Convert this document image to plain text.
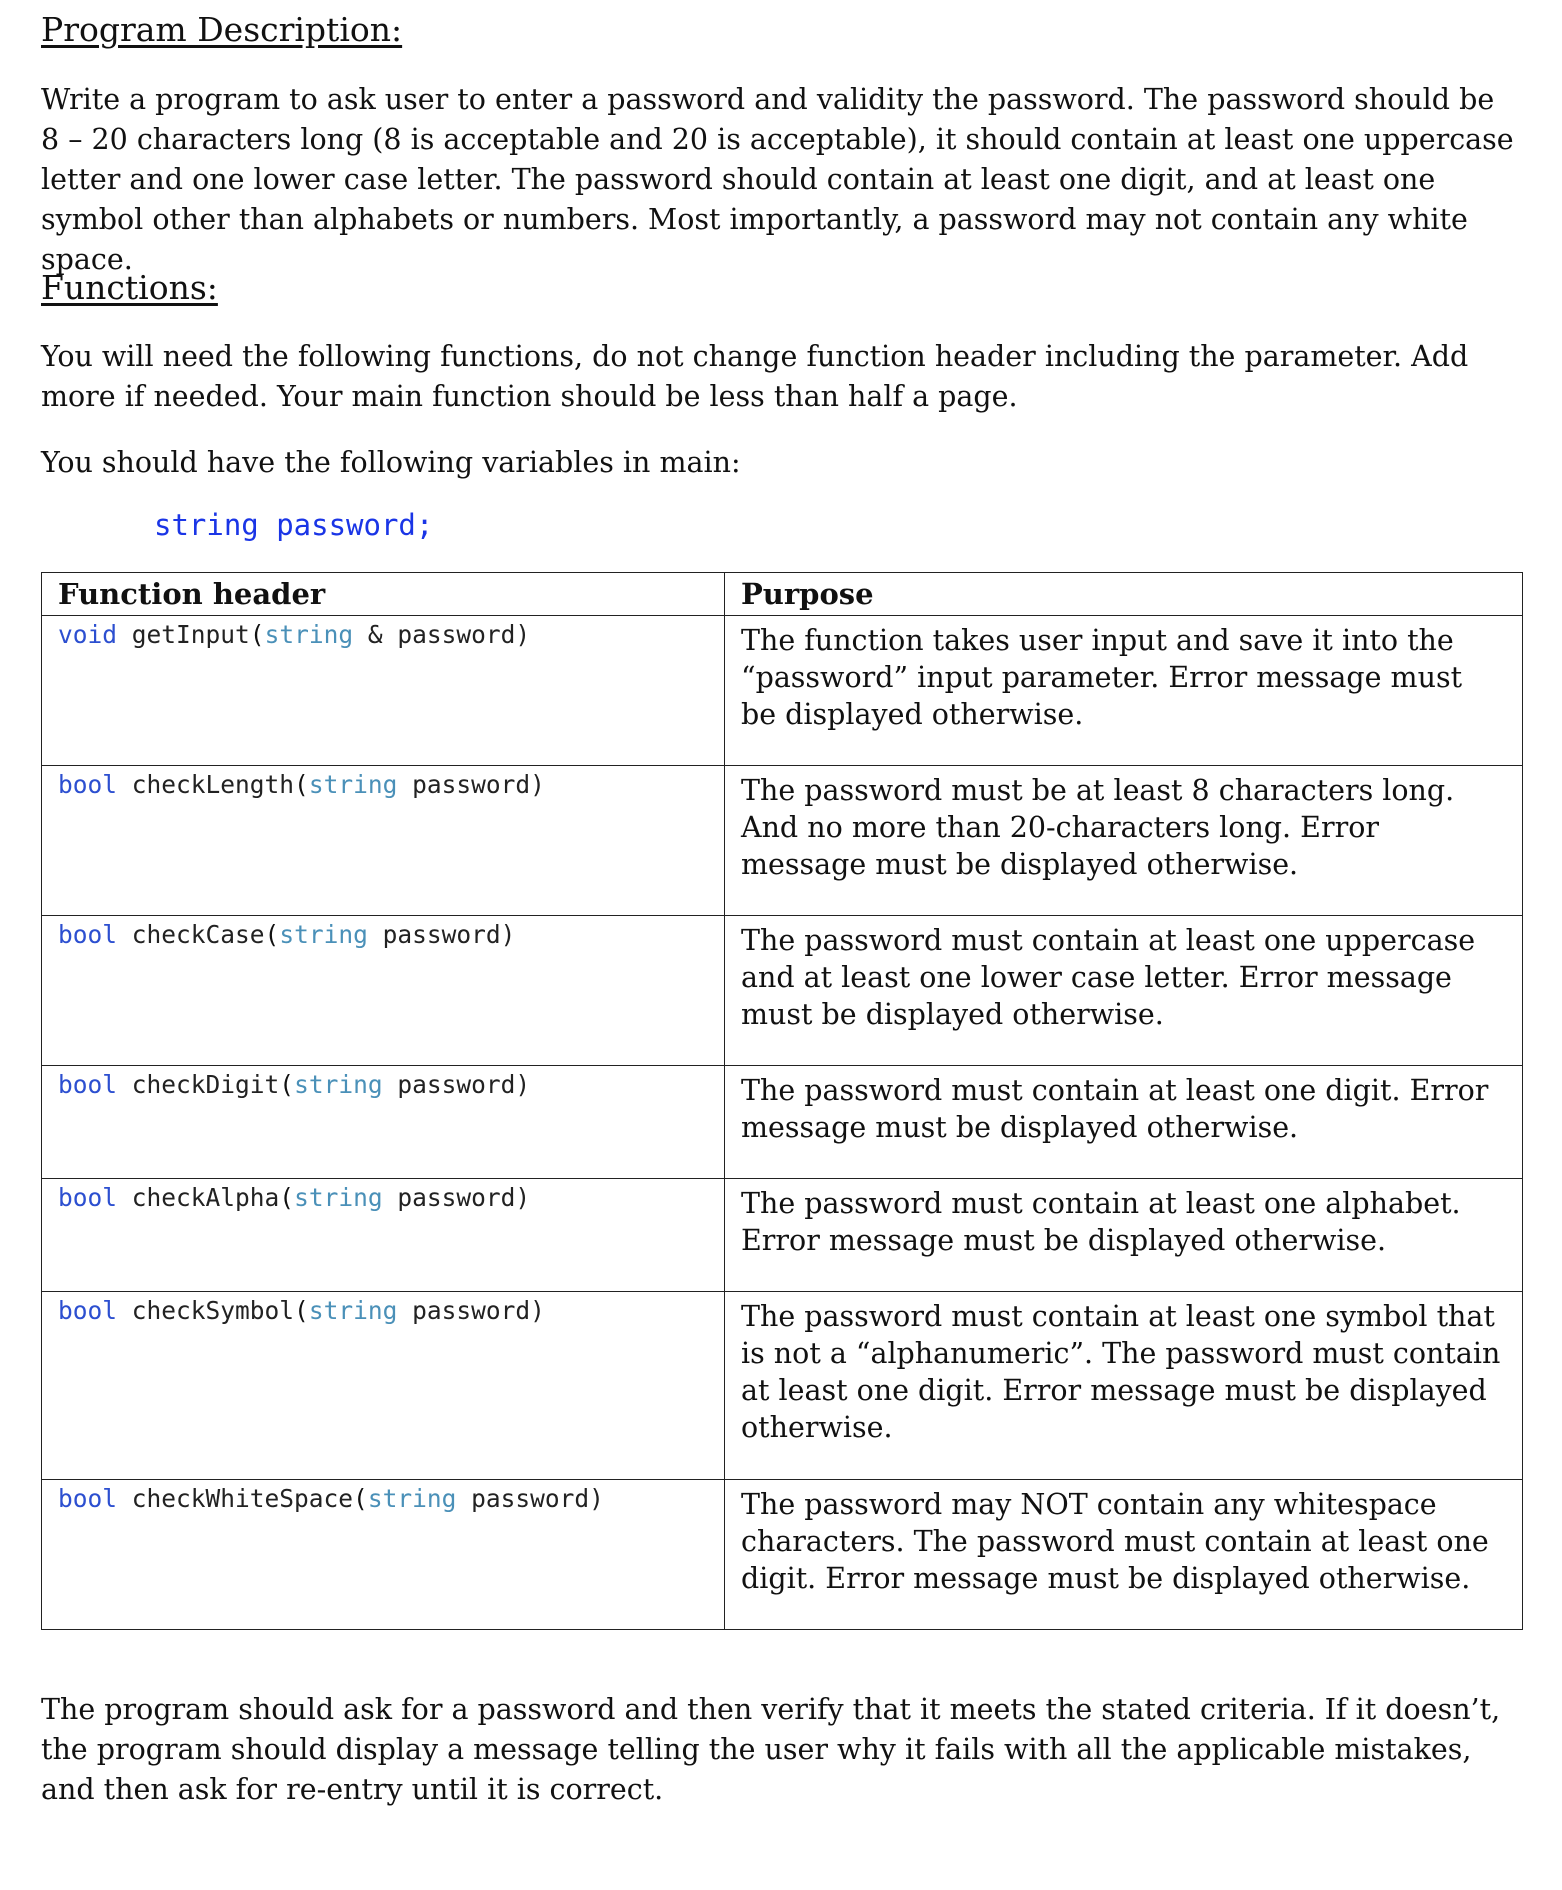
Program Description:
Write a program to ask user to enter a password and validity the password. The password should be 8 – 20 characters long (8 is acceptable and 20 is acceptable), it should contain at least one uppercase letter and one lower case letter. The password should contain at least one digit, and at least one symbol other than alphabets or numbers. Most importantly, a password may not contain any white space.
Functions:
You will need the following functions, do not change function header including the parameter. Add more if needed. Your main function should be less than half a page.
You should have the following variables in main:
string password;
Function header	Purpose
void getInput(string & password)	The function takes user input and save it into the “password” input parameter. Error message must be displayed otherwise.
bool checkLength(string password)	The password must be at least 8 characters long. And no more than 20-characters long. Error message must be displayed otherwise.
bool checkCase(string password)	The password must contain at least one uppercase and at least one lower case letter. Error message must be displayed otherwise.
bool checkDigit(string password)	The password must contain at least one digit. Error message must be displayed otherwise.
bool checkAlpha(string password)	The password must contain at least one alphabet. Error message must be displayed otherwise.
bool checkSymbol(string password)	The password must contain at least one symbol that is not a “alphanumeric”. The password must contain at least one digit. Error message must be displayed otherwise.
bool checkWhiteSpace(string password)	The password may NOT contain any whitespace characters. The password must contain at least one digit. Error message must be displayed otherwise.
The program should ask for a password and then verify that it meets the stated criteria. If it doesn’t, the program should display a message telling the user why it fails with all the applicable mistakes, and then ask for re-entry until it is correct.
